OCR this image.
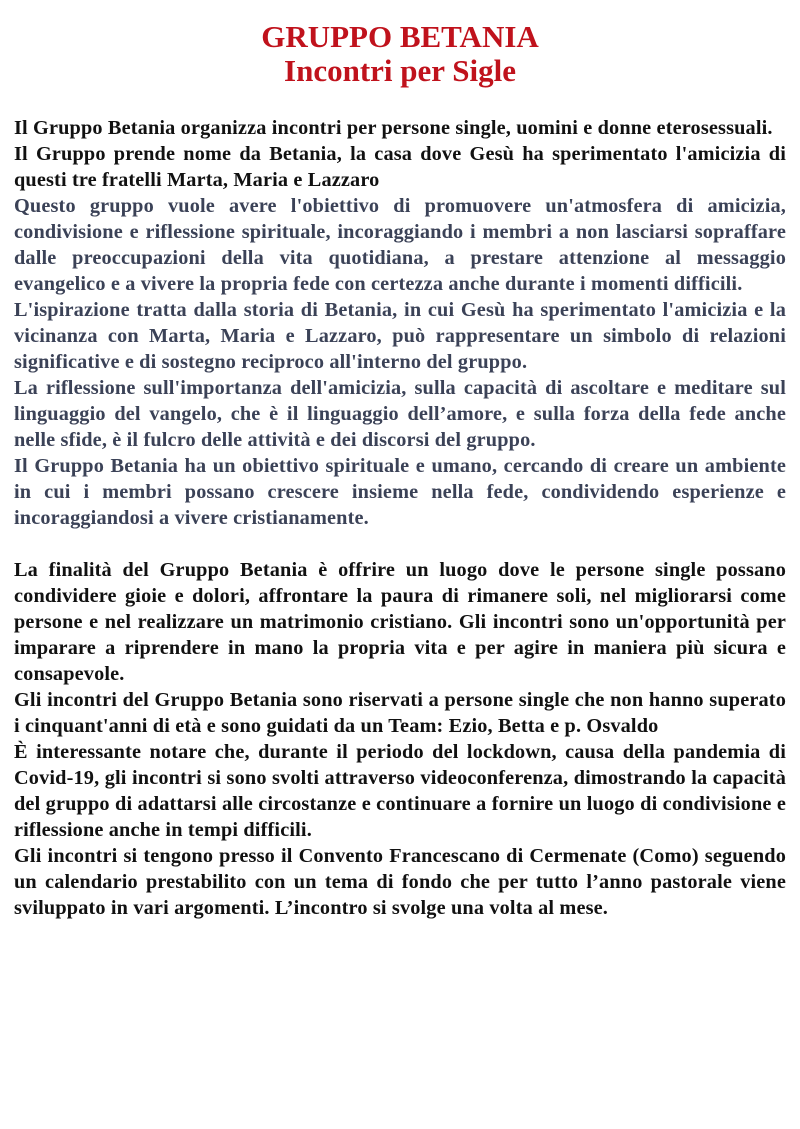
GRUPPO BETANIA
Incontri per Sigle

Il Gruppo Betania organizza incontri per persone single, uomini e donne eterosessuali.

Il Gruppo prende nome da Betania, la casa dove Gesù ha sperimentato l'amicizia di questi tre fratelli Marta, Maria e Lazzaro

Questo gruppo vuole avere l'obiettivo di promuovere un'atmosfera di amicizia, condivisione e riflessione spirituale, incoraggiando i membri a non lasciarsi sopraffare dalle preoccupazioni della vita quotidiana, a prestare attenzione al messaggio evangelico e a vivere la propria fede con certezza anche durante i momenti difficili.

L'ispirazione tratta dalla storia di Betania, in cui Gesù ha sperimentato l'amicizia e la vicinanza con Marta, Maria e Lazzaro, può rappresentare un simbolo di relazioni significative e di sostegno reciproco all'interno del gruppo.

La riflessione sull'importanza dell'amicizia, sulla capacità di ascoltare e meditare sul linguaggio del vangelo, che è il linguaggio dell’amore, e sulla forza della fede anche nelle sfide, è il fulcro delle attività e dei discorsi del gruppo.

Il Gruppo Betania ha un obiettivo spirituale e umano, cercando di creare un ambiente in cui i membri possano crescere insieme nella fede, condividendo esperienze e incoraggiandosi a vivere cristianamente.

La finalità del Gruppo Betania è offrire un luogo dove le persone single possano condividere gioie e dolori, affrontare la paura di rimanere soli, nel migliorarsi come persone e nel realizzare un matrimonio cristiano. Gli incontri sono un'opportunità per imparare a riprendere in mano la propria vita e per agire in maniera più sicura e consapevole.

Gli incontri del Gruppo Betania sono riservati a persone single che non hanno superato i cinquant'anni di età e sono guidati da un Team: Ezio, Betta e p. Osvaldo

È interessante notare che, durante il periodo del lockdown, causa della pandemia di Covid-19, gli incontri si sono svolti attraverso videoconferenza, dimostrando la capacità del gruppo di adattarsi alle circostanze e continuare a fornire un luogo di condivisione e riflessione anche in tempi difficili.

Gli incontri si tengono presso il Convento Francescano di Cermenate (Como) seguendo un calendario prestabilito con un tema di fondo che per tutto l’anno pastorale viene sviluppato in vari argomenti. L’incontro si svolge una volta al mese.
